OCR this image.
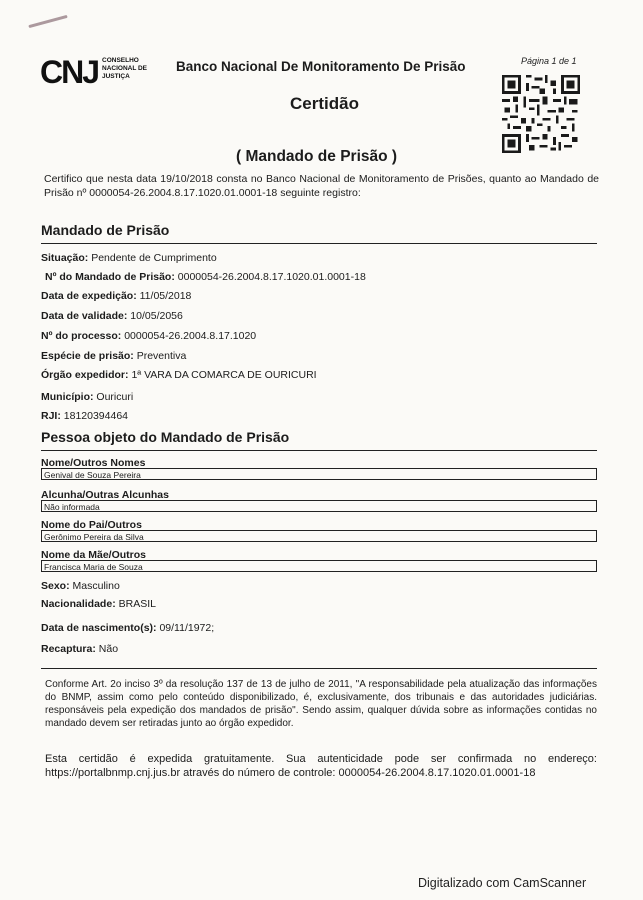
CNJ CONSELHO NACIONAL DE JUSTIÇA
Banco Nacional De Monitoramento De Prisão	Página 1 de 1
Certidão
( Mandado de Prisão )
Certifico que nesta data 19/10/2018 consta no Banco Nacional de Monitoramento de Prisões, quanto ao Mandado de Prisão nº 0000054-26.2004.8.17.1020.01.0001-18 seguinte registro:
Mandado de Prisão
Situação: Pendente de Cumprimento
Nº do Mandado de Prisão: 0000054-26.2004.8.17.1020.01.0001-18
Data de expedição: 11/05/2018
Data de validade: 10/05/2056
Nº do processo: 0000054-26.2004.8.17.1020
Espécie de prisão: Preventiva
Órgão expedidor: 1ª VARA DA COMARCA DE OURICURI
Município: Ouricuri
RJI: 18120394464
Pessoa objeto do Mandado de Prisão
Nome/Outros Nomes
Genival de Souza Pereira
Alcunha/Outras Alcunhas
Não informada
Nome do Pai/Outros
Gerônimo Pereira da Silva
Nome da Mãe/Outros
Francisca Maria de Souza
Sexo: Masculino
Nacionalidade: BRASIL
Data de nascimento(s): 09/11/1972;
Recaptura: Não
Conforme Art. 2o inciso 3º da resolução 137 de 13 de julho de 2011, "A responsabilidade pela atualização das informações do BNMP, assim como pelo conteúdo disponibilizado, é, exclusivamente, dos tribunais e das autoridades judiciárias. responsáveis pela expedição dos mandados de prisão". Sendo assim, qualquer dúvida sobre as informações contidas no mandado devem ser retiradas junto ao órgão expedidor.
Esta certidão é expedida gratuitamente. Sua autenticidade pode ser confirmada no endereço: https://portalbnmp.cnj.jus.br através do número de controle: 0000054-26.2004.8.17.1020.01.0001-18
Digitalizado com CamScanner
